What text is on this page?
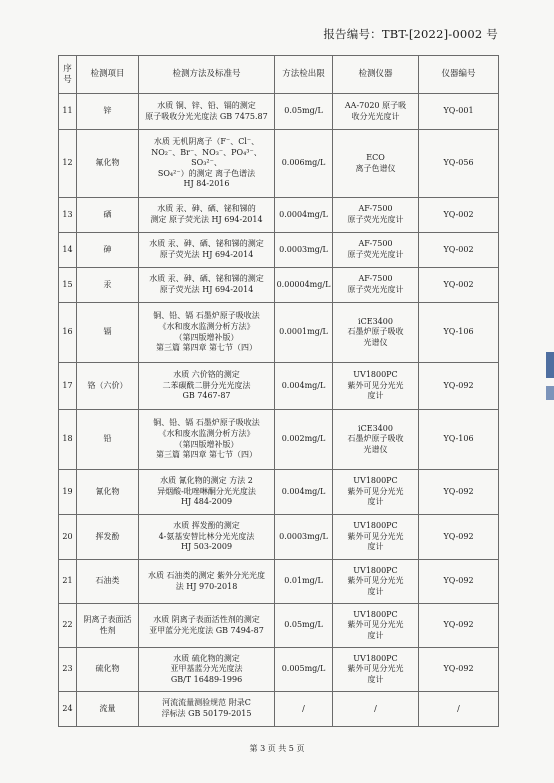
报告编号：TBT-[2022]-0002 号
序号	检测项目	检测方法及标准号	方法检出限	检测仪器	仪器编号
11	锌	水质 铜、锌、铅、镉的测定
原子吸收分光光度法 GB 7475.87	0.05mg/L	AA-7020 原子吸
收分光光度计	YQ-001
12	氟化物	水质 无机阴离子（F⁻、Cl⁻、
NO₂⁻、Br⁻、NO₃⁻、PO₄³⁻、SO₃²⁻、
SO₄²⁻）的测定 离子色谱法
HJ 84-2016	0.006mg/L	ECO
离子色谱仪	YQ-056
13	硒	水质 汞、砷、硒、铋和锑的
测定 原子荧光法 HJ 694-2014	0.0004mg/L	AF-7500
原子荧光光度计	YQ-002
14	砷	水质 汞、砷、硒、铋和锑的测定
原子荧光法 HJ 694-2014	0.0003mg/L	AF-7500
原子荧光光度计	YQ-002
15	汞	水质 汞、砷、硒、铋和锑的测定
原子荧光法 HJ 694-2014	0.00004mg/L	AF-7500
原子荧光光度计	YQ-002
16	镉	铜、铅、镉 石墨炉原子吸收法
《水和废水监测分析方法》
（第四版增补版）
第三篇 第四章 第七节（四）	0.0001mg/L	iCE3400
石墨炉原子吸收
光谱仪	YQ-106
17	铬（六价）	水质 六价铬的测定
二苯碳酰二肼分光光度法
GB 7467-87	0.004mg/L	UV1800PC
紫外可见分光光
度计	YQ-092
18	铅	铜、铅、镉 石墨炉原子吸收法
《水和废水监测分析方法》
（第四版增补版）
第三篇 第四章 第七节（四）	0.002mg/L	iCE3400
石墨炉原子吸收
光谱仪	YQ-106
19	氰化物	水质 氰化物的测定 方法 2
异烟酸-吡唑啉酮分光光度法
HJ 484-2009	0.004mg/L	UV1800PC
紫外可见分光光
度计	YQ-092
20	挥发酚	水质 挥发酚的测定
4-氨基安替比林分光光度法
HJ 503-2009	0.0003mg/L	UV1800PC
紫外可见分光光
度计	YQ-092
21	石油类	水质 石油类的测定 紫外分光光度
法 HJ 970-2018	0.01mg/L	UV1800PC
紫外可见分光光
度计	YQ-092
22	阴离子表面活
性剂	水质 阴离子表面活性剂的测定
亚甲蓝分光光度法 GB 7494-87	0.05mg/L	UV1800PC
紫外可见分光光
度计	YQ-092
23	硫化物	水质 硫化物的测定
亚甲基蓝分光光度法
GB/T 16489-1996	0.005mg/L	UV1800PC
紫外可见分光光
度计	YQ-092
24	流量	河流流量测验规范 附录C
浮标法 GB 50179-2015	/	/	/
第 3 页 共 5 页
